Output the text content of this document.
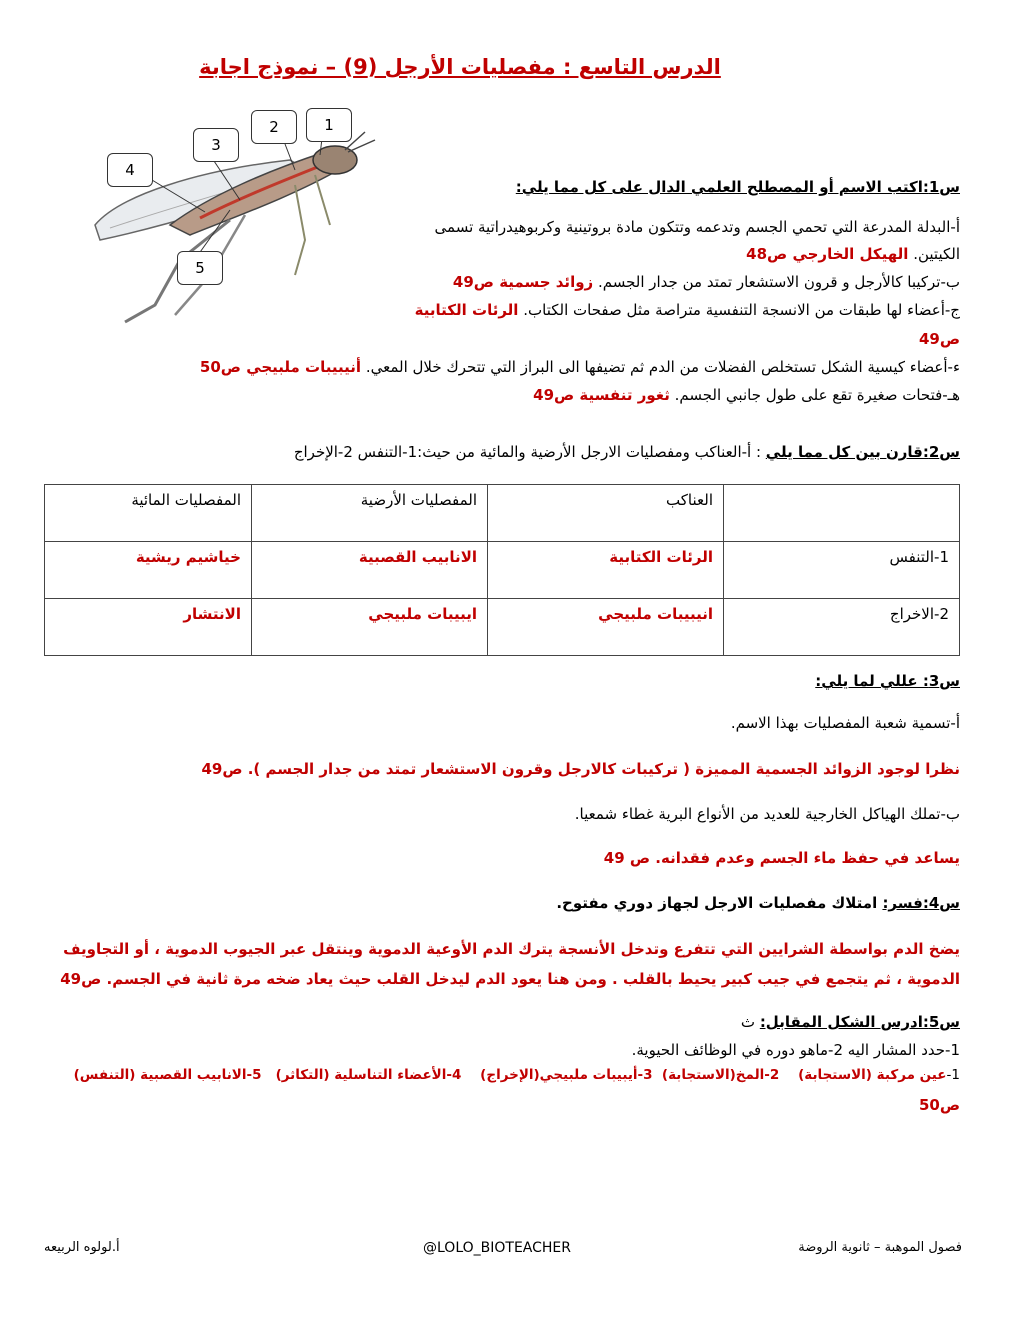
الدرس التاسع : مفصليات الأرجل (9) – نموذج اجابة
1
2
3
4
5
س1:اكتب الاسم أو المصطلح العلمي الدال على كل مما يلي:
أ-البدلة المدرعة التي تحمي الجسم وتدعمه وتتكون مادة بروتينية وكربوهيدراتية تسمى
الكيتين. الهيكل الخارجي ص48
ب-تركيبا كالأرجل و قرون الاستشعار تمتد من جدار الجسم. زوائد جسمية ص49
ج-أعضاء لها طبقات من الانسجة التنفسية متراصة مثل صفحات الكتاب. الرئات الكتابية
ص49
ء-أعضاء كيسية الشكل تستخلص الفضلات من الدم ثم تضيفها الى البراز التي تتحرك خلال المعي. أنيبيبات ملبيجي ص50
هـ-فتحات صغيرة تقع على طول جانبي الجسم. ثغور تنفسية ص49
س2:قارن بين كل مما يلي : أ-العناكب ومفصليات الارجل الأرضية والمائية من حيث:1-التنفس 2-الإخراج
	العناكب	المفصليات الأرضية	المفصليات المائية
1-التنفس	الرئات الكتابية	الانابيب القصبية	خياشيم ريشية
2-الاخراج	انيبيبات ملبيجي	ايبيبات ملبيجي	الانتشار
س3: عللي لما يلي:
أ-تسمية شعبة المفصليات بهذا الاسم.
نظرا لوجود الزوائد الجسمية المميزة ( تركيبات كالارجل وقرون الاستشعار تمتد من جدار الجسم ). ص49
ب-تملك الهياكل الخارجية للعديد من الأنواع البرية غطاء شمعيا.
يساعد في حفظ ماء الجسم وعدم فقدانه. ص 49
س4:فسر: امتلاك مفصليات الارجل لجهاز دوري مفتوح.
يضخ الدم بواسطة الشرايين التي تتفرع وتدخل الأنسجة يترك الدم الأوعية الدموية وينتقل عبر الجيوب الدموية ، أو التجاويف الدموية ، ثم يتجمع في جيب كبير يحيط بالقلب . ومن هنا يعود الدم ليدخل القلب حيث يعاد ضخه مرة ثانية في الجسم. ص49
س5:ادرس الشكل المقابل: ث
1-حدد المشار اليه 2-ماهو دوره في الوظائف الحيوية.
1-عين مركبة (الاستجابة)    2-المخ(الاستجابة)  3-أيبيبات ملبيجي(الإخراج)    4-الأعضاء التناسلية (التكاثر)   5-الانابيب القصبية (التنفس)
ص50
فصول الموهبة – ثانوية الروضة
@LOLO_BIOTEACHER
أ.لولوه الربيعه
